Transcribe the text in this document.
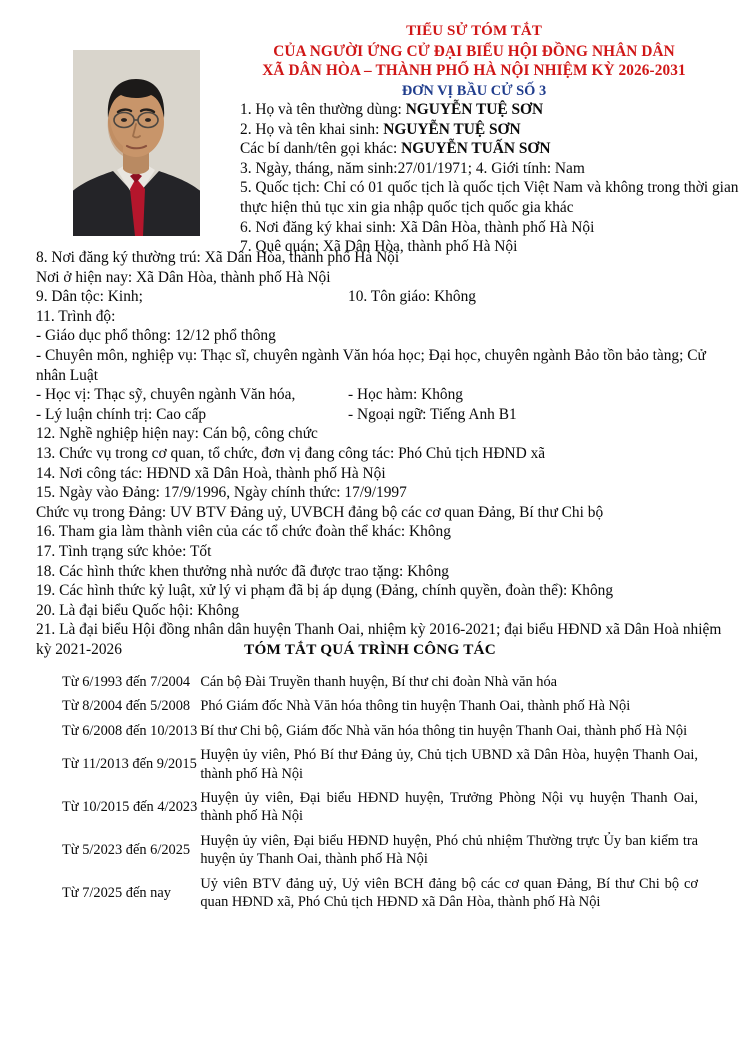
TIỂU SỬ TÓM TẮT
CỦA NGƯỜI ỨNG CỬ ĐẠI BIỂU HỘI ĐỒNG NHÂN DÂN
XÃ DÂN HÒA – THÀNH PHỐ HÀ NỘI NHIỆM KỲ 2026-2031
ĐƠN VỊ BẦU CỬ SỐ 3
1. Họ và tên thường dùng: NGUYỄN TUỆ SƠN
2. Họ và tên khai sinh: NGUYỄN TUỆ SƠN
Các bí danh/tên gọi khác: NGUYỄN TUẤN SƠN
3. Ngày, tháng, năm sinh:27/01/1971; 4. Giới tính: Nam
5. Quốc tịch: Chỉ có 01 quốc tịch là quốc tịch Việt Nam và không trong thời gian thực hiện thủ tục xin gia nhập quốc tịch quốc gia khác
6. Nơi đăng ký khai sinh: Xã Dân Hòa, thành phố Hà Nội
7. Quê quán: Xã Dân Hòa, thành phố Hà Nội
8. Nơi đăng ký thường trú: Xã Dân Hòa, thành phố Hà Nội
Nơi ở hiện nay: Xã Dân Hòa, thành phố Hà Nội
9. Dân tộc: Kinh;	10. Tôn giáo: Không
11. Trình độ:
- Giáo dục phổ thông: 12/12 phổ thông
- Chuyên môn, nghiệp vụ: Thạc sĩ, chuyên ngành Văn hóa học; Đại học, chuyên ngành Bảo tồn bảo tàng; Cử nhân Luật
- Học vị: Thạc sỹ, chuyên ngành Văn hóa,	- Học hàm: Không
- Lý luận chính trị: Cao cấp	- Ngoại ngữ: Tiếng Anh B1
12. Nghề nghiệp hiện nay: Cán bộ, công chức
13. Chức vụ trong cơ quan, tổ chức, đơn vị đang công tác: Phó Chủ tịch HĐND xã
14. Nơi công tác: HĐND xã Dân Hoà, thành phố Hà Nội
15. Ngày vào Đảng: 17/9/1996, Ngày chính thức: 17/9/1997
Chức vụ trong Đảng: UV BTV Đảng uỷ, UVBCH đảng bộ các cơ quan Đảng, Bí thư Chi bộ
16. Tham gia làm thành viên của các tổ chức đoàn thể khác: Không
17. Tình trạng sức khỏe: Tốt
18. Các hình thức khen thưởng nhà nước đã được trao tặng: Không
19. Các hình thức kỷ luật, xử lý vi phạm đã bị áp dụng (Đảng, chính quyền, đoàn thể): Không
20. Là đại biểu Quốc hội: Không
21. Là đại biểu Hội đồng nhân dân huyện Thanh Oai, nhiệm kỳ 2016-2021; đại biểu HĐND xã Dân Hoà nhiệm kỳ 2021-2026	TÓM TẮT QUÁ TRÌNH CÔNG TÁC
Từ 6/1993 đến 7/2004	Cán bộ Đài Truyền thanh huyện, Bí thư chi đoàn Nhà văn hóa
Từ 8/2004 đến 5/2008	Phó Giám đốc Nhà Văn hóa thông tin huyện Thanh Oai, thành phố Hà Nội
Từ 6/2008 đến 10/2013	Bí thư Chi bộ, Giám đốc Nhà văn hóa thông tin huyện Thanh Oai, thành phố Hà Nội
Từ 11/2013 đến 9/2015	Huyện ủy viên, Phó Bí thư Đảng ủy, Chủ tịch UBND xã Dân Hòa, huyện Thanh Oai, thành phố Hà Nội
Từ 10/2015 đến 4/2023	Huyện ủy viên, Đại biểu HĐND huyện, Trưởng Phòng Nội vụ huyện Thanh Oai, thành phố Hà Nội
Từ 5/2023 đến 6/2025	Huyện ủy viên, Đại biểu HĐND huyện, Phó chủ nhiệm Thường trực Ủy ban kiểm tra huyện ủy Thanh Oai, thành phố Hà Nội
Từ 7/2025 đến nay	Uỷ viên BTV đảng uỷ, Uỷ viên BCH đảng bộ các cơ quan Đảng, Bí thư Chi bộ cơ quan HĐND xã, Phó Chủ tịch HĐND xã Dân Hòa, thành phố Hà Nội
